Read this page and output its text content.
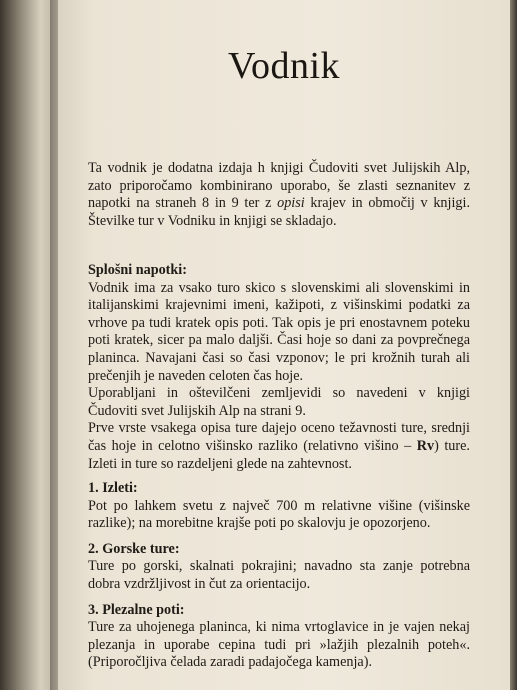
Vodnik
Ta vodnik je dodatna izdaja h knjigi Čudoviti svet Julijskih Alp, zato priporočamo kombinirano uporabo, še zlasti seznanitev z napotki na straneh 8 in 9 ter z opisi krajev in območij v knjigi. Številke tur v Vodniku in knjigi se skladajo.
Splošni napotki:
Vodnik ima za vsako turo skico s slovenskimi ali slovenskimi in italijanskimi krajevnimi imeni, kažipoti, z višinskimi podatki za vrhove pa tudi kratek opis poti. Tak opis je pri enostavnem poteku poti kratek, sicer pa malo daljši. Časi hoje so dani za povprečnega planinca. Navajani časi so časi vzponov; le pri krožnih turah ali prečenjih je naveden celoten čas hoje.
Uporabljani in oštevilčeni zemljevidi so navedeni v knjigi Čudoviti svet Julijskih Alp na strani 9.
Prve vrste vsakega opisa ture dajejo oceno težavnosti ture, srednji čas hoje in celotno višinsko razliko (relativno višino – Rv) ture. Izleti in ture so razdeljeni glede na zahtevnost.
1. Izleti:
Pot po lahkem svetu z največ 700 m relativne višine (višinske razlike); na morebitne krajše poti po skalovju je opozorjeno.
2. Gorske ture:
Ture po gorski, skalnati pokrajini; navadno sta zanje potrebna dobra vzdržljivost in čut za orientacijo.
3. Plezalne poti:
Ture za uhojenega planinca, ki nima vrtoglavice in je vajen nekaj plezanja in uporabe cepina tudi pri »lažjih plezalnih poteh«. (Priporočljiva čelada zaradi padajočega kamenja).
